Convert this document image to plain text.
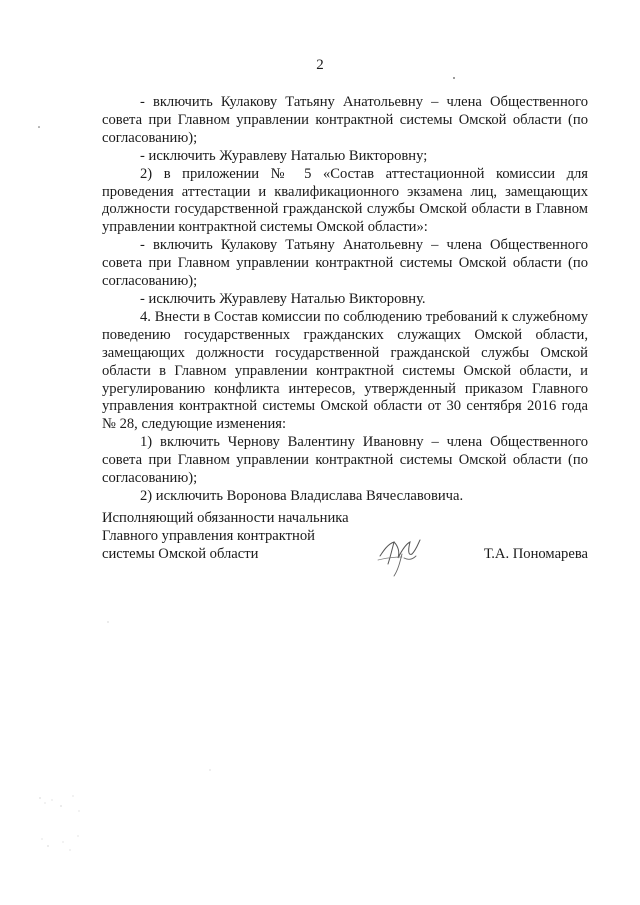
2

- включить Кулакову Татьяну Анатольевну – члена Общественного совета при Главном управлении контрактной системы Омской области (по согласованию);

- исключить Журавлеву Наталью Викторовну;

2) в приложении № 5 «Состав аттестационной комиссии для проведения аттестации и квалификационного экзамена лиц, замещающих должности государственной гражданской службы Омской области в Главном управлении контрактной системы Омской области»:

- включить Кулакову Татьяну Анатольевну – члена Общественного совета при Главном управлении контрактной системы Омской области (по согласованию);

- исключить Журавлеву Наталью Викторовну.

4. Внести в Состав комиссии по соблюдению требований к служебному поведению государственных гражданских служащих Омской области, замещающих должности государственной гражданской службы Омской области в Главном управлении контрактной системы Омской области, и урегулированию конфликта интересов, утвержденный приказом Главного управления контрактной системы Омской области от 30 сентября 2016 года № 28, следующие изменения:

1) включить Чернову Валентину Ивановну – члена Общественного совета при Главном управлении контрактной системы Омской области (по согласованию);

2) исключить Воронова Владислава Вячеславовича.

Исполняющий обязанности начальника
Главного управления контрактной
системы Омской области	Т.А. Пономарева
